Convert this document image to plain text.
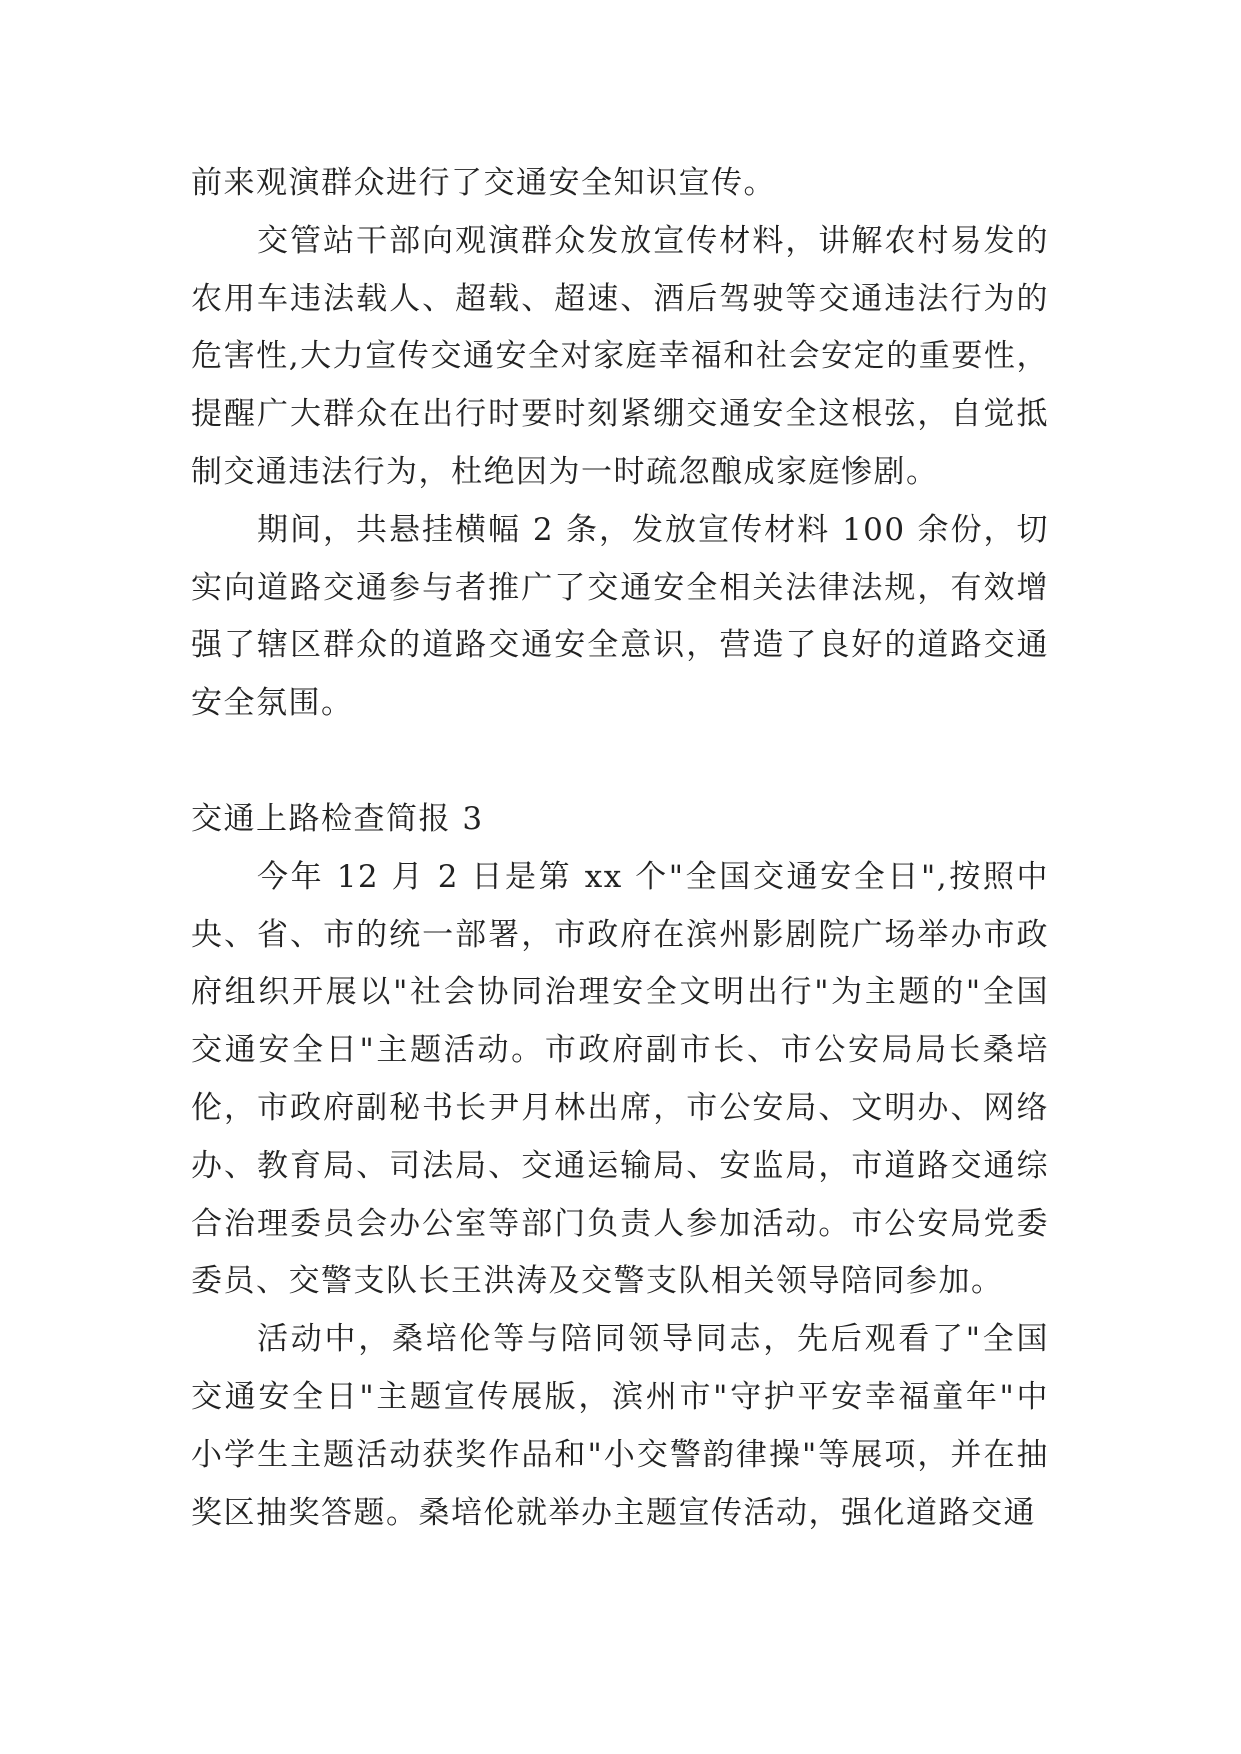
前来观演群众进行了交通安全知识宣传。

交管站干部向观演群众发放宣传材料，讲解农村易发的农用车违法载人、超载、超速、酒后驾驶等交通违法行为的危害性,大力宣传交通安全对家庭幸福和社会安定的重要性，提醒广大群众在出行时要时刻紧绷交通安全这根弦，自觉抵制交通违法行为，杜绝因为一时疏忽酿成家庭惨剧。

期间，共悬挂横幅 2 条，发放宣传材料 100 余份，切实向道路交通参与者推广了交通安全相关法律法规，有效增强了辖区群众的道路交通安全意识，营造了良好的道路交通安全氛围。

交通上路检查简报 3

今年 12 月 2 日是第 xx 个"全国交通安全日",按照中央、省、市的统一部署，市政府在滨州影剧院广场举办市政府组织开展以"社会协同治理安全文明出行"为主题的"全国交通安全日"主题活动。市政府副市长、市公安局局长桑培伦，市政府副秘书长尹月林出席，市公安局、文明办、网络办、教育局、司法局、交通运输局、安监局，市道路交通综合治理委员会办公室等部门负责人参加活动。市公安局党委委员、交警支队长王洪涛及交警支队相关领导陪同参加。

活动中，桑培伦等与陪同领导同志，先后观看了"全国交通安全日"主题宣传展版，滨州市"守护平安幸福童年"中小学生主题活动获奖作品和"小交警韵律操"等展项，并在抽奖区抽奖答题。桑培伦就举办主题宣传活动，强化道路交通
